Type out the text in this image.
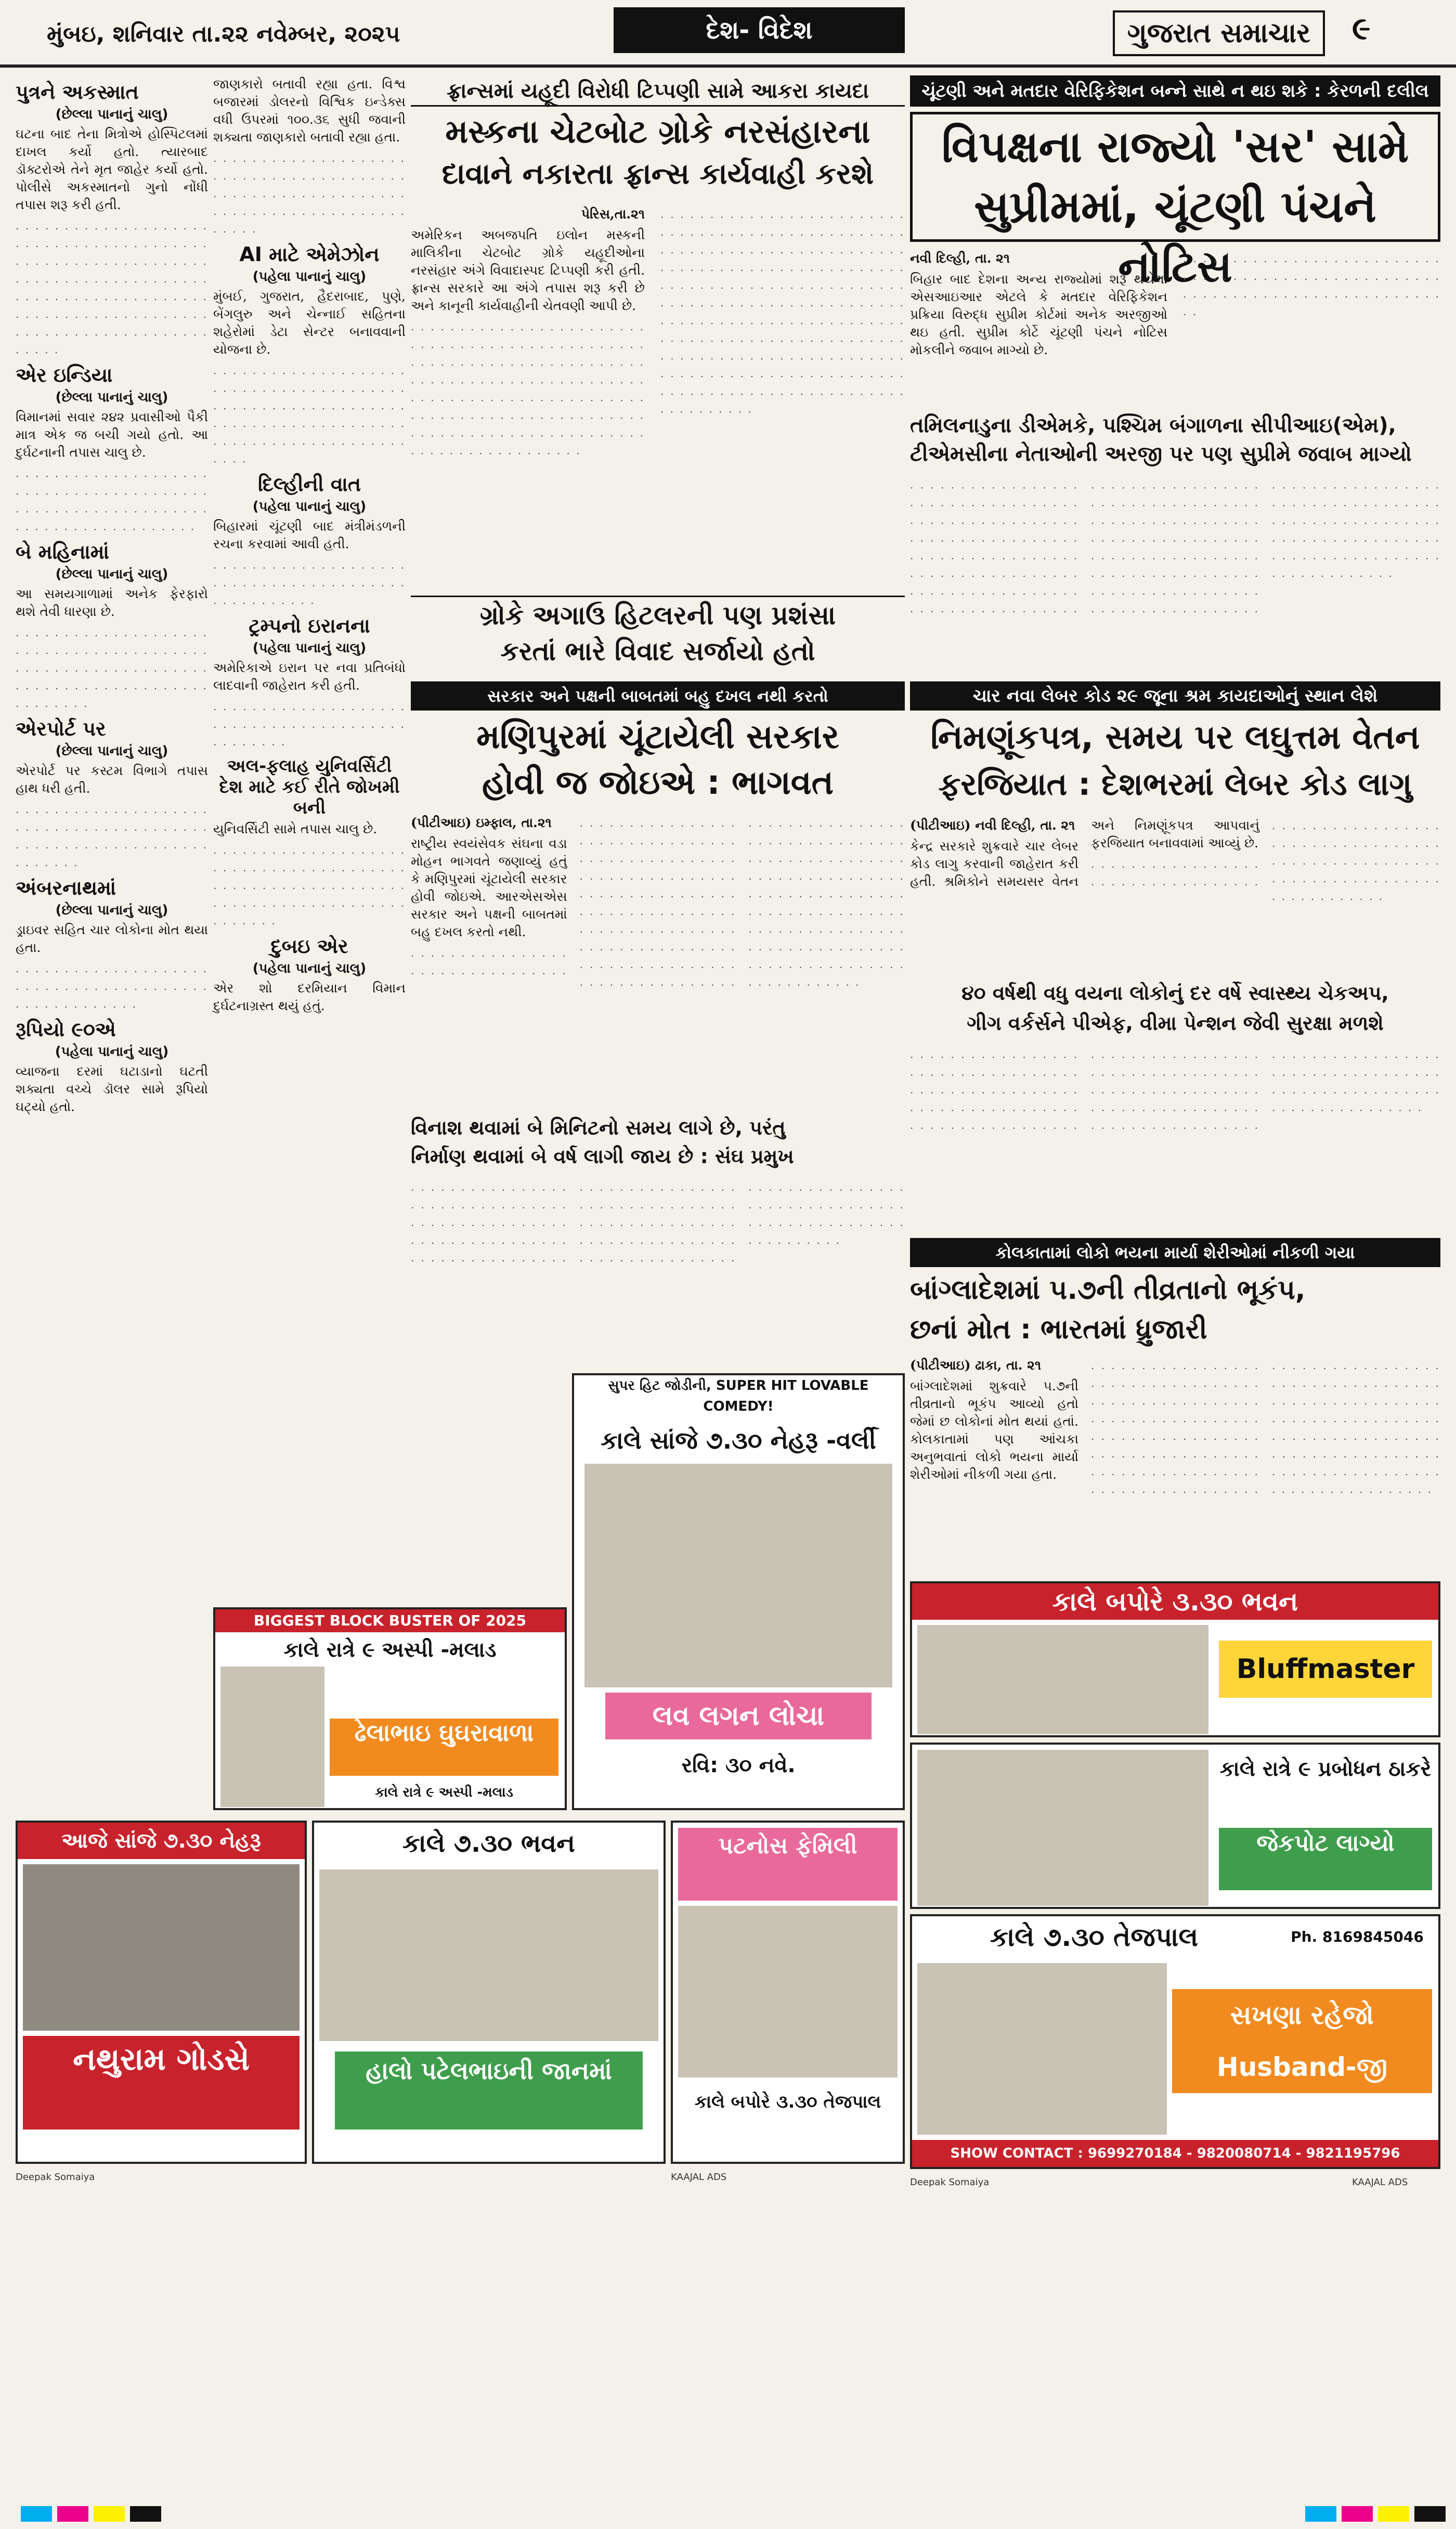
મુંબઇ, શનિવાર તા.૨૨ નવેમ્બર, ૨૦૨૫	દેશ- વિદેશ	ગુજરાત સમાચાર	૯
પુત્રને અકસ્માત
(છેલ્લા પાનાનું ચાલુ)

ઘટના બાદ તેના મિત્રોએ હોસ્પિટલમાં દાખલ કર્યો હતો. ત્યારબાદ ડૉક્ટરોએ તેને મૃત જાહેર કર્યો હતો. પોલીસે અકસ્માતનો ગુનો નોંધી તપાસ શરૂ કરી હતી.

. . . . . . . . . . . . . . . . . . . . . . . . . . . . . . . . . . . . . . . . . . . . . . . . . . . . . . . . . . . . . . . . . . . . . . . . . . . . . . . . . . . . . . . . . . . . . . . . . . . . . . . . . . . . . . . . . . . . . . . . . . . . . . . . . . . . . . . . . . . . . . . . .

એર ઇન્ડિયા
(છેલ્લા પાનાનું ચાલુ)

વિમાનમાં સવાર ૨૪૨ પ્રવાસીઓ પૈકી માત્ર એક જ બચી ગયો હતો. આ દુર્ઘટનાની તપાસ ચાલુ છે.

. . . . . . . . . . . . . . . . . . . . . . . . . . . . . . . . . . . . . . . . . . . . . . . . . . . . . . . . . . . . . . . . . . . . . . . . . . . . . . .

બે મહિનામાં
(છેલ્લા પાનાનું ચાલુ)

આ સમયગાળામાં અનેક ફેરફારો થશે તેવી ધારણા છે.

. . . . . . . . . . . . . . . . . . . . . . . . . . . . . . . . . . . . . . . . . . . . . . . . . . . . . . . . . . . . . . . . . . . . . . . . . . . . . . . . . . . . . . . .

એરપોર્ટ પર
(છેલ્લા પાનાનું ચાલુ)

એરપોર્ટ પર કસ્ટમ વિભાગે તપાસ હાથ ધરી હતી.

. . . . . . . . . . . . . . . . . . . . . . . . . . . . . . . . . . . . . . . . . . . . . . . . . . . . . . . . . . . . . . . . . . .

અંબરનાથમાં
(છેલ્લા પાનાનું ચાલુ)

ડ્રાઇવર સહિત ચાર લોકોના મોત થયા હતા.

. . . . . . . . . . . . . . . . . . . . . . . . . . . . . . . . . . . . . . . . . . . . . . . . . . . . .

રૂપિયો ૯૦એ
(પહેલા પાનાનું ચાલુ)

વ્યાજના દરમાં ઘટાડાનો ઘટતી શક્યતા વચ્ચે ડૉલર સામે રૂપિયો ઘટ્યો હતો.

જાણકારો બતાવી રહ્યા હતા. વિશ્વ બજારમાં ડોલરનો વિશ્વિક ઇન્ડેક્સ વધી ઉપરમાં ૧૦૦.૩૬ સુધી જવાની શક્યતા જાણકારો બતાવી રહ્યા હતા.

. . . . . . . . . . . . . . . . . . . . . . . . . . . . . . . . . . . . . . . . . . . . . . . . . . . . . . . . . . . . . . . . . . . . . . . . . . . . . . . . . . . . .

AI માટે એમેઝોન
(પહેલા પાનાનું ચાલુ)

મુંબઈ, ગુજરાત, હૈદરાબાદ, પુણે, બેંગલુરુ અને ચેન્નાઈ સહિતના શહેરોમાં ડેટા સેન્ટર બનાવવાની યોજના છે.

. . . . . . . . . . . . . . . . . . . . . . . . . . . . . . . . . . . . . . . . . . . . . . . . . . . . . . . . . . . . . . . . . . . . . . . . . . . . . . . . . . . . . . . . . . . . . . . . . . . . . . . .

દિલ્હીની વાત
(પહેલા પાનાનું ચાલુ)

બિહારમાં ચૂંટણી બાદ મંત્રીમંડળની રચના કરવામાં આવી હતી.

. . . . . . . . . . . . . . . . . . . . . . . . . . . . . . . . . . . . . . . . . . . . . . . . . . .

ટ્રમ્પનો ઇરાનના
(પહેલા પાનાનું ચાલુ)

અમેરિકાએ ઇરાન પર નવા પ્રતિબંધો લાદવાની જાહેરાત કરી હતી.

. . . . . . . . . . . . . . . . . . . . . . . . . . . . . . . . . . . . . . . . . . . . . . . .

અલ-ફલાહ યુનિવર્સિટી દેશ માટે કઈ રીતે જોખમી બની

યુનિવર્સિટી સામે તપાસ ચાલુ છે.

. . . . . . . . . . . . . . . . . . . . . . . . . . . . . . . . . . . . . . . . . . . . . . . . . . . . . . . . . . . . . . . . . . . . . . . . . . . . . . . . . . . . . . .

દુબઇ એર
(પહેલા પાનાનું ચાલુ)

એર શો દરમિયાન વિમાન દુર્ઘટનાગ્રસ્ત થયું હતું.

ફ્રાન્સમાં યહૂદી વિરોધી ટિપ્પણી સામે આકરા કાયદા
મસ્કના ચેટબોટ ગ્રોકે નરસંહારના
દાવાને નકારતા ફ્રાન્સ કાર્યવાહી કરશે

પેરિસ,તા.૨૧

અમેરિકન અબજપતિ ઇલોન મસ્કની માલિકીના ચેટબોટ ગ્રોકે યહૂદીઓના નરસંહાર અંગે વિવાદાસ્પદ ટિપ્પણી કરી હતી. ફ્રાન્સ સરકારે આ અંગે તપાસ શરૂ કરી છે અને કાનૂની કાર્યવાહીની ચેતવણી આપી છે.

. . . . . . . . . . . . . . . . . . . . . . . . . . . . . . . . . . . . . . . . . . . . . . . . . . . . . . . . . . . . . . . . . . . . . . . . . . . . . . . . . . . . . . . . . . . . . . . . . . . . . . . . . . . . . . . . . . . . . . . . . . . . . . . . . . . . . . . . . . . . . . . . . . . . . . . . . . . . . . . . . . . . . . . . . . . . . . . . . . . . . . . . . .

. . . . . . . . . . . . . . . . . . . . . . . . . . . . . . . . . . . . . . . . . . . . . . . . . . . . . . . . . . . . . . . . . . . . . . . . . . . . . . . . . . . . . . . . . . . . . . . . . . . . . . . . . . . . . . . . . . . . . . . . . . . . . . . . . . . . . . . . . . . . . . . . . . . . . . . . . . . . . . . . . . . . . . . . . . . . . . . . . . . . . . . . . . . . . . . . . . . . . . . . . . . . . . . . . . . . . . . . . . . . . . . . . . . . . . . . . . . . . . . . . . . . . . . . . . . . . . . . . . . . . . . . . . . . . . . . . . . . . . . . . . . . .

ગ્રોકે અગાઉ હિટલરની પણ પ્રશંસા
કરતાં ભારે વિવાદ સર્જાયો હતો
ચૂંટણી અને મતદાર વેરિફિકેશન બન્ને સાથે ન થઇ શકે : કેરળની દલીલ
વિપક્ષના રાજ્યો 'સર' સામે
સુપ્રીમમાં, ચૂંટણી પંચને નોટિસ

નવી દિલ્હી, તા. ૨૧

બિહાર બાદ દેશના અન્ય રાજ્યોમાં શરૂ થયેલા એસઆઇઆર એટલે કે મતદાર વેરિફિકેશન પ્રક્રિયા વિરુદ્ધ સુપ્રીમ કોર્ટમાં અનેક અરજીઓ થઇ હતી. સુપ્રીમ કોર્ટે ચૂંટણી પંચને નોટિસ મોકલીને જવાબ માગ્યો છે.

. . . . . . . . . . . . . . . . . . . . . . . . . . . . . . . . . . . . . . . . . . . . . . . . . . . . . . . . . . . . . . . . . . . . . . . . . . . . . . . .

તમિલનાડુના ડીએમકે, પશ્ચિમ બંગાળના સીપીઆઇ(એમ),
ટીએમસીના નેતાઓની અરજી પર પણ સુપ્રીમે જવાબ માગ્યો

. . . . . . . . . . . . . . . . . . . . . . . . . . . . . . . . . . . . . . . . . . . . . . . . . . . . . . . . . . . . . . . . . . . . . . . . . . . . . . . . . . . . . . . . . . . . . . . . . . . . . . . . . . . . . . . . . . . . . . . . . . . . . . . . . . . . . . . . . . . . . . . . . . . . . . . . . . . . . . . . . . . . . . . . . . . . . . . . . . . . . . . . . . . . . . . . . . . . . . . . . . . . . . . . . . . . . . . . . . . . . . . . . . . . . . . . . . . . . . . . . . . . . . . . . . . . . . . . . . . . . . . . . . . . . . . . . . . . . . . . . . . . . . . . . . . . . . . . . . . . . . . . . . . . . . . . . . . . . . . . . . . . . . . . . . . . . . . . . . . . . . . . . . . . . . . . . . . . . . . . . . . . . . . . . .

સરકાર અને પક્ષની બાબતમાં બહુ દખલ નથી કરતો
મણિપુરમાં ચૂંટાયેલી સરકાર
હોવી જ જોઇએ : ભાગવત

(પીટીઆઇ) ઇમ્ફાલ, તા.૨૧

રાષ્ટ્રીય સ્વયંસેવક સંઘના વડા મોહન ભાગવતે જણાવ્યું હતું કે મણિપુરમાં ચૂંટાયેલી સરકાર હોવી જોઇએ. આરએસએસ સરકાર અને પક્ષની બાબતમાં બહુ દખલ કરતો નથી.

. . . . . . . . . . . . . . . . . . . . . . . . . . . . . . . . . . . . . . . . . . . . . . . . . . . . . . . . . . . . . . . . . . . . . . . . . . . . . . . . . . . . . . . . . . . . . . . . . . . . . . . . . . . . . . . . . . . . . . . . . . . . . . . . . . . . . . . . . . . . . . . . . . . . . . . . . . . . . . . . . . . . . . . . . . . . . . . . . . . . . . . . . . . . . . . . . . . . . . . . . . . . . . . . . . . . . . . . . . . . . . . . . . . . . . . . . . . . . . . . . . . . . . . . . . . . . . . . . . . . . . . . . . . . . . . . . . . . . . . . . . . . . . . . . . . . . . . . . . . . . . . . . . . . . . . . . . . . . . . . . . . . . . . . . . . . . . . . . . . . . . . . . . . .

વિનાશ થવામાં બે મિનિટનો સમય લાગે છે, પરંતુ
નિર્માણ થવામાં બે વર્ષ લાગી જાય છે : સંઘ પ્રમુખ

. . . . . . . . . . . . . . . . . . . . . . . . . . . . . . . . . . . . . . . . . . . . . . . . . . . . . . . . . . . . . . . . . . . . . . . . . . . . . . . . . . . . . . . . . . . . . . . . . . . . . . . . . . . . . . . . . . . . . . . . . . . . . . . . . . . . . . . . . . . . . . . . . . . . . . . . . . . . . . . . . . . . . . . . . . . . . . . . . . . . . . . . . . . . . . . . . . . . . . . . . . . . . . . . . . . . . . . . . .

ચાર નવા લેબર કોડ ૨૯ જૂના શ્રમ કાયદાઓનું સ્થાન લેશે
નિમણૂંકપત્ર, સમય પર લઘુત્તમ વેતન
ફરજિયાત : દેશભરમાં લેબર કોડ લાગુ

(પીટીઆઇ) નવી દિલ્હી, તા. ૨૧

કેન્દ્ર સરકારે શુક્રવારે ચાર લેબર કોડ લાગુ કરવાની જાહેરાત કરી હતી. શ્રમિકોને સમયસર વેતન અને નિમણૂંકપત્ર આપવાનું ફરજિયાત બનાવવામાં આવ્યું છે.

. . . . . . . . . . . . . . . . . . . . . . . . . . . . . . . . . . . . . . . . . . . . . . . . . . . . . . . . . . . . . . . . . . . . . . . . . . . . . . . . . . . . . . . . . . . . . . . . . . . . . . . . . . . . . . . . . .

૪૦ વર્ષથી વધુ વયના લોકોનું દર વર્ષે સ્વાસ્થ્ય ચેકઅપ,
ગીગ વર્કર્સને પીએફ, વીમા પેન્શન જેવી સુરક્ષા મળશે

. . . . . . . . . . . . . . . . . . . . . . . . . . . . . . . . . . . . . . . . . . . . . . . . . . . . . . . . . . . . . . . . . . . . . . . . . . . . . . . . . . . . . . . . . . . . . . . . . . . . . . . . . . . . . . . . . . . . . . . . . . . . . . . . . . . . . . . . . . . . . . . . . . . . . . . . . . . . . . . . . . . . . . . . . . . . . . . . . . . . . . . . . . . . . . . . . . . . . . . . . . . . . . . . . . . . . . . . . . . . . . . . . . . . . . . . . . . . .

કોલકાતામાં લોકો ભયના માર્યા શેરીઓમાં નીકળી ગયા
બાંગ્લાદેશમાં ૫.૭ની તીવ્રતાનો ભૂકંપ,
છનાં મોત : ભારતમાં ધ્રુજારી

(પીટીઆઇ) ઢાકા, તા. ૨૧

બાંગ્લાદેશમાં શુક્રવારે ૫.૭ની તીવ્રતાનો ભૂકંપ આવ્યો હતો જેમાં છ લોકોનાં મોત થયાં હતાં. કોલકાતામાં પણ આંચકા અનુભવાતાં લોકો ભયના માર્યા શેરીઓમાં નીકળી ગયા હતા.

. . . . . . . . . . . . . . . . . . . . . . . . . . . . . . . . . . . . . . . . . . . . . . . . . . . . . . . . . . . . . . . . . . . . . . . . . . . . . . . . . . . . . . . . . . . . . . . . . . . . . . . . . . . . . . . . . . . . . . . . . . . . . . . . . . . . . . . . . . . . . . . . . . . . . . . . . . . . . . . . . . . . . . . . . . . . . . . . . . . . . . . . . . . . . . . . . . . . . . . . . . . . . . . . . . . . . . . . . . . . . . . . . . . . . . . . . . . . . . . . . . . . . . . . . . . . . . . . . . . . . . . . . . . . . . . .

BIGGEST BLOCK BUSTER OF 2025
કાલે રાત્રે ૯ અસ્પી -મલાડ
ઢેલાભાઇ ઘુઘરાવાળા
કાલે રાત્રે ૯ અસ્પી -મલાડ
સુપર હિટ જોડીની, SUPER HIT LOVABLE COMEDY!
કાલે સાંજે ૭.૩૦ નેહરૂ -વર્લી
લવ લગન લોચા
રવિ: ૩૦ નવે.
કાલે બપોરે ૩.૩૦ ભવન
Bluffmaster
કાલે રાત્રે ૯ પ્રબોધન ઠાકરે
જેકપોટ લાગ્યો
કાલે ૭.૩૦ તેજપાલ	Ph. 8169845046
સખણા રહેજો Husband-જી
SHOW CONTACT : 9699270184 - 9820080714 - 9821195796
આજે સાંજે ૭.૩૦ નેહરૂ
નથુરામ ગોડસે
કાલે ૭.૩૦ ભવન
હાલો પટેલભાઇની જાનમાં
પટનોસ ફેમિલી
કાલે બપોરે ૩.૩૦ તેજપાલ
Deepak Somaiya	KAAJAL ADS	Deepak Somaiya	KAAJAL ADS
